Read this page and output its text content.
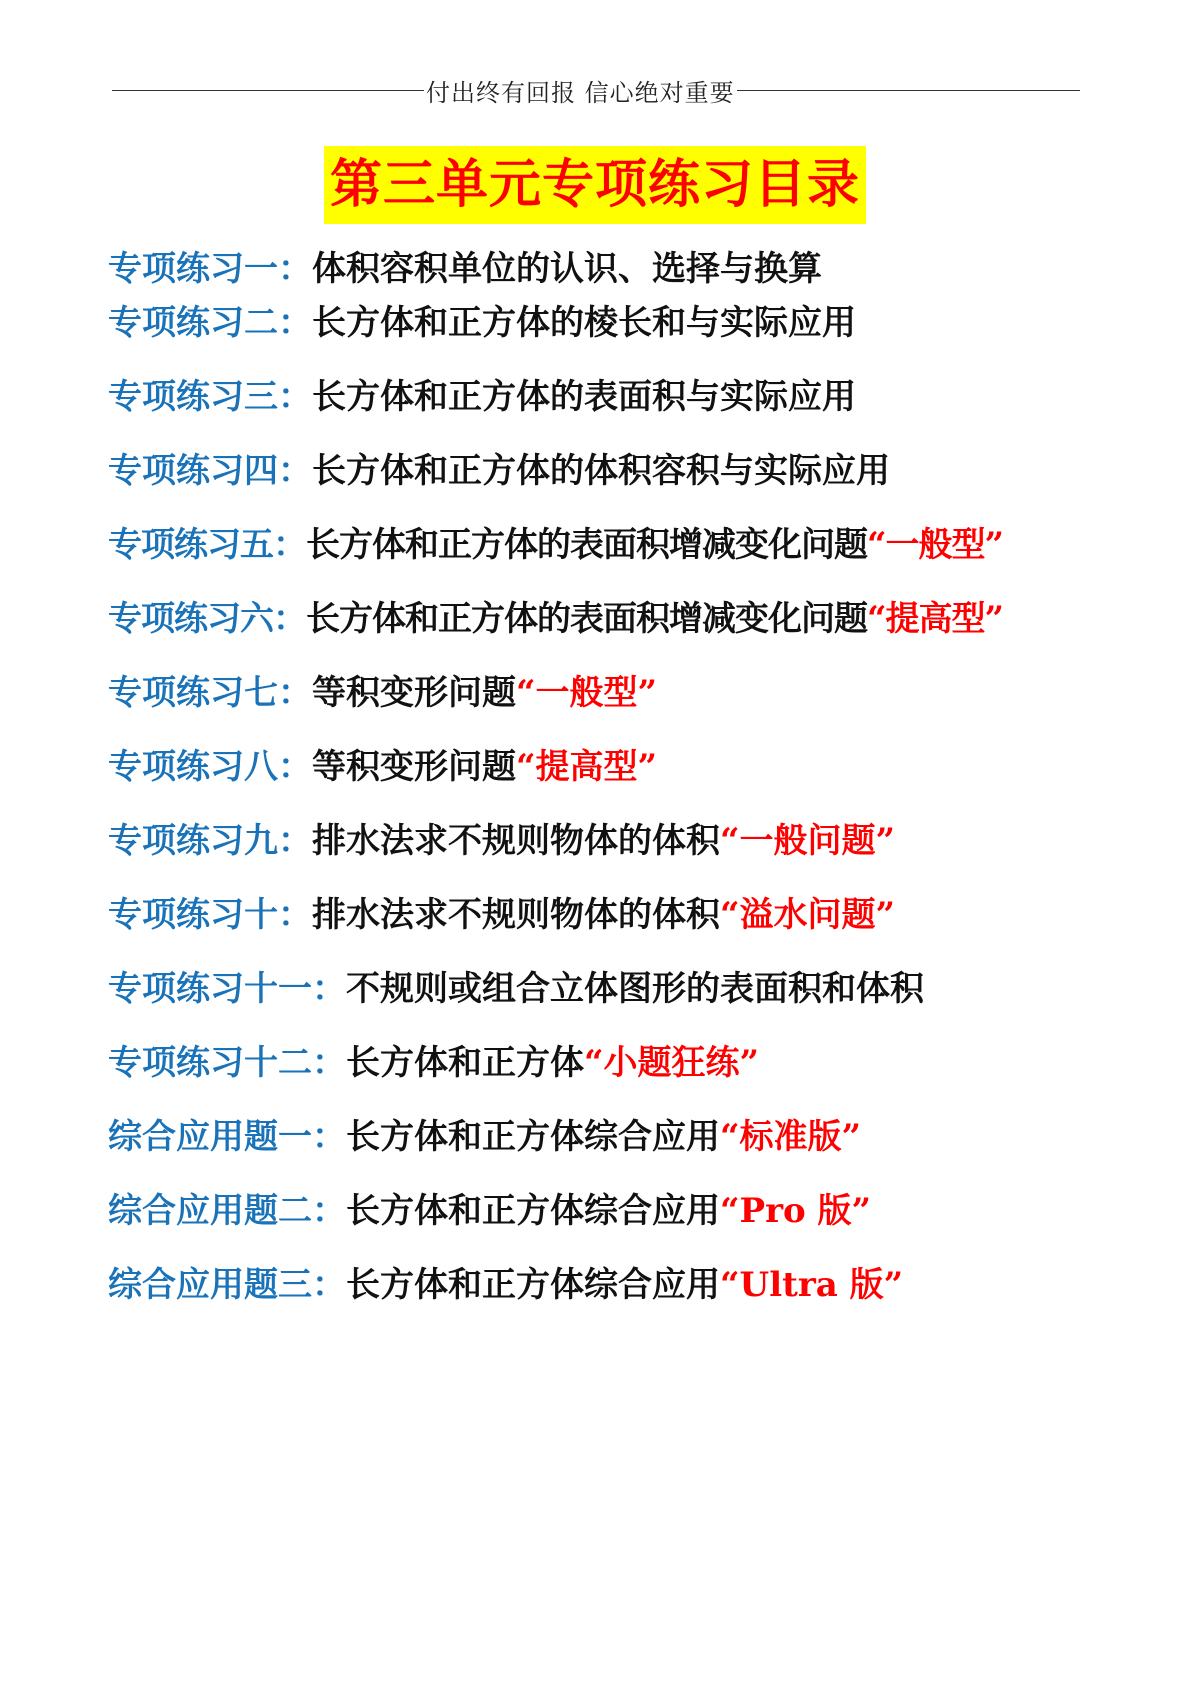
付出终有回报 信心绝对重要
第三单元专项练习目录
专项练习一：体积容积单位的认识、选择与换算
专项练习二：长方体和正方体的棱长和与实际应用
专项练习三：长方体和正方体的表面积与实际应用
专项练习四：长方体和正方体的体积容积与实际应用
专项练习五：长方体和正方体的表面积增减变化问题“一般型”
专项练习六：长方体和正方体的表面积增减变化问题“提高型”
专项练习七：等积变形问题“一般型”
专项练习八：等积变形问题“提高型”
专项练习九：排水法求不规则物体的体积“一般问题”
专项练习十：排水法求不规则物体的体积“溢水问题”
专项练习十一：不规则或组合立体图形的表面积和体积
专项练习十二：长方体和正方体“小题狂练”
综合应用题一：长方体和正方体综合应用“标准版”
综合应用题二：长方体和正方体综合应用“Pro 版”
综合应用题三：长方体和正方体综合应用“Ultra 版”
